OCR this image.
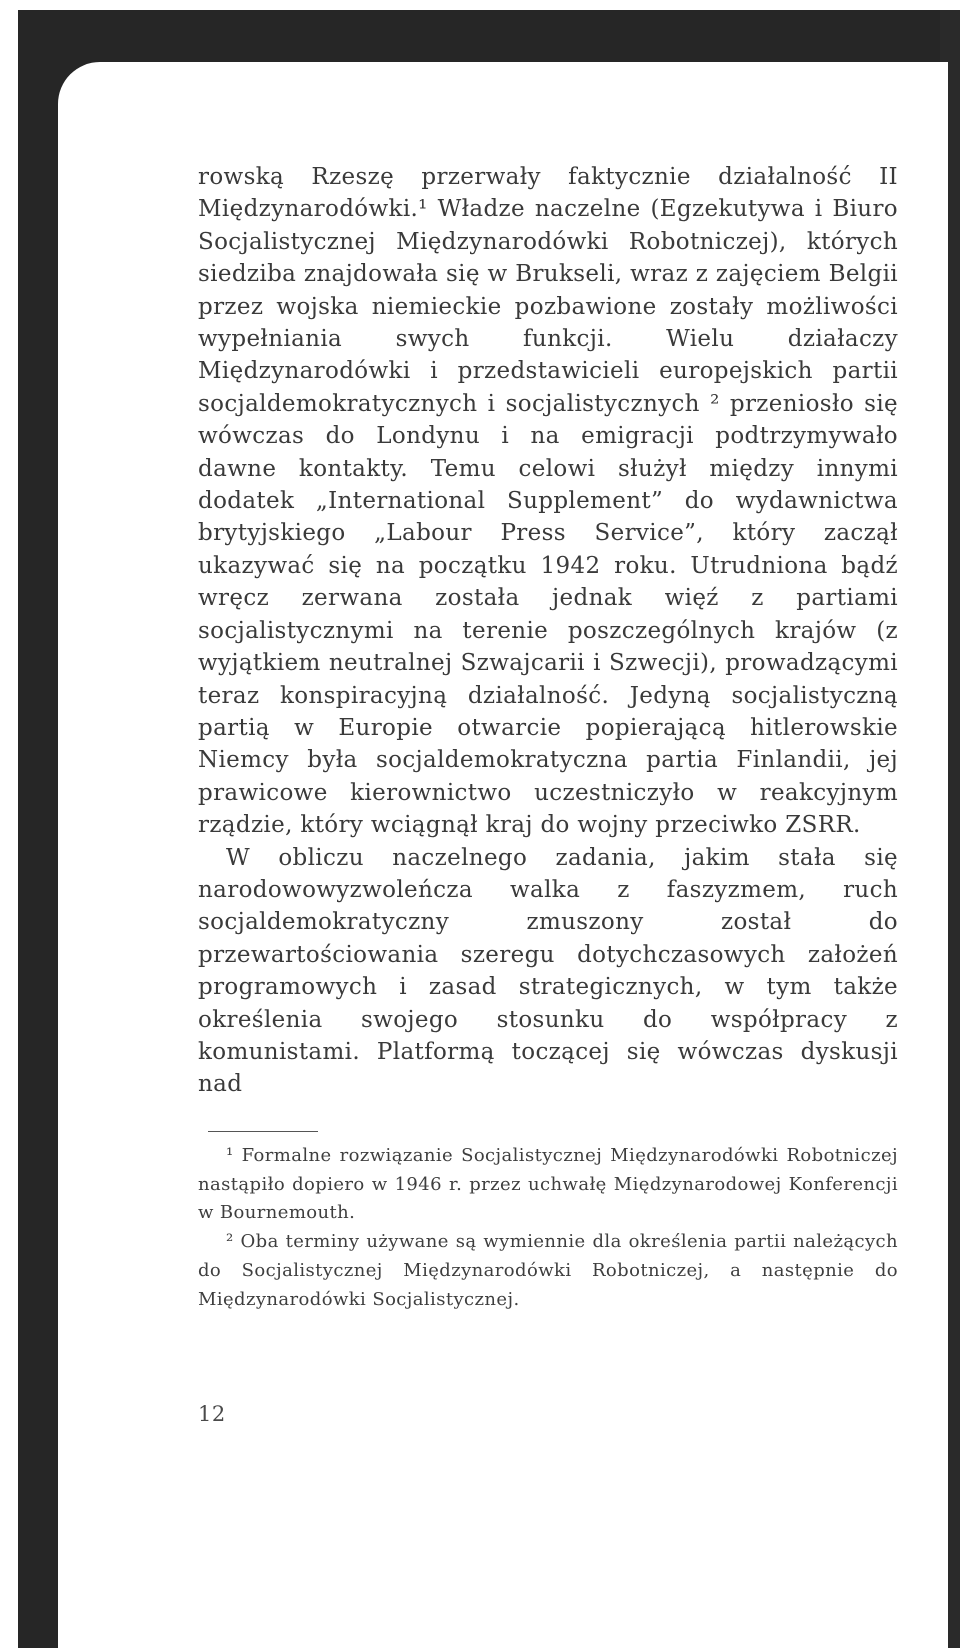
rowską Rzeszę przerwały faktycznie działalność II Międzynarodówki.¹ Władze naczelne (Egzekutywa i Biuro Socjalistycznej Międzynarodówki Robotniczej), których siedziba znajdowała się w Brukseli, wraz z zajęciem Belgii przez wojska niemieckie pozbawione zostały możliwości wypełniania swych funkcji. Wielu działaczy Międzynarodówki i przedstawicieli europejskich partii socjaldemokratycznych i socjalistycznych ² przeniosło się wówczas do Londynu i na emigracji podtrzymywało dawne kontakty. Temu celowi służył między innymi dodatek „International Supplement” do wydawnictwa brytyjskiego „Labour Press Service”, który zaczął ukazywać się na początku 1942 roku. Utrudniona bądź wręcz zerwana została jednak więź z partiami socjalistycznymi na terenie poszczególnych krajów (z wyjątkiem neutralnej Szwajcarii i Szwecji), prowadzącymi teraz konspiracyjną działalność. Jedyną socjalistyczną partią w Europie otwarcie popierającą hitlerowskie Niemcy była socjaldemokratyczna partia Finlandii, jej prawicowe kierownictwo uczestniczyło w reakcyjnym rządzie, który wciągnął kraj do wojny przeciwko ZSRR.

W obliczu naczelnego zadania, jakim stała się narodowowyzwoleńcza walka z faszyzmem, ruch socjaldemokratyczny zmuszony został do przewartościowania szeregu dotychczasowych założeń programowych i zasad strategicznych, w tym także określenia swojego stosunku do współpracy z komunistami. Platformą toczącej się wówczas dyskusji nad

¹ Formalne rozwiązanie Socjalistycznej Międzynarodówki Robotniczej nastąpiło dopiero w 1946 r. przez uchwałę Międzynarodowej Konferencji w Bournemouth.

² Oba terminy używane są wymiennie dla określenia partii należących do Socjalistycznej Międzynarodówki Robotniczej, a następnie do Międzynarodówki Socjalistycznej.

12
